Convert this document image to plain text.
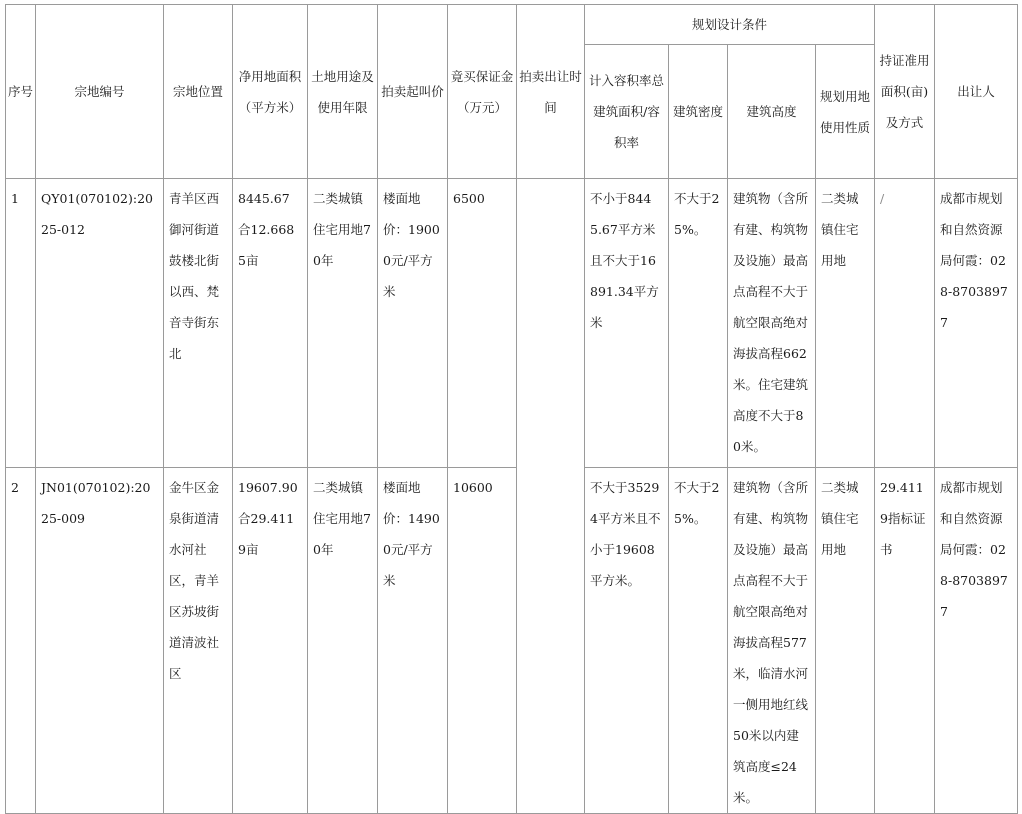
序号	宗地编号	宗地位置	净用地面积（平方米）	土地用途及使用年限	拍卖起叫价	竟买保证金（万元）	拍卖出让时间	规划设计条件				持证准用面积(亩)及方式	出让人
								计入容积率总建筑面积/容积率	建筑密度	建筑高度	规划用地使用性质		
1	QY01(070102):2025-012	青羊区西御河街道鼓楼北街以西、梵音寺街东北	8445.67合12.6685亩	二类城镇住宅用地70年	楼面地价：19000元/平方米	6500		不小于8445.67平方米且不大于16891.34平方米	不大于25%。	建筑物（含所有建、构筑物及设施）最高点高程不大于航空限高绝对海拔高程662米。住宅建筑高度不大于80米。	二类城镇住宅用地	/	成都市规划和自然资源局何霞：028-87038977
2	JN01(070102):2025-009	金牛区金泉街道清水河社区，青羊区苏坡街道清波社区	19607.90合29.4119亩	二类城镇住宅用地70年	楼面地价：14900元/平方米	10600		不大于35294平方米且不小于19608平方米。	不大于25%。	建筑物（含所有建、构筑物及设施）最高点高程不大于航空限高绝对海拔高程577米，临清水河一侧用地红线50米以内建筑高度≤24米。	二类城镇住宅用地	29.4119指标证书	成都市规划和自然资源局何霞：028-87038977
